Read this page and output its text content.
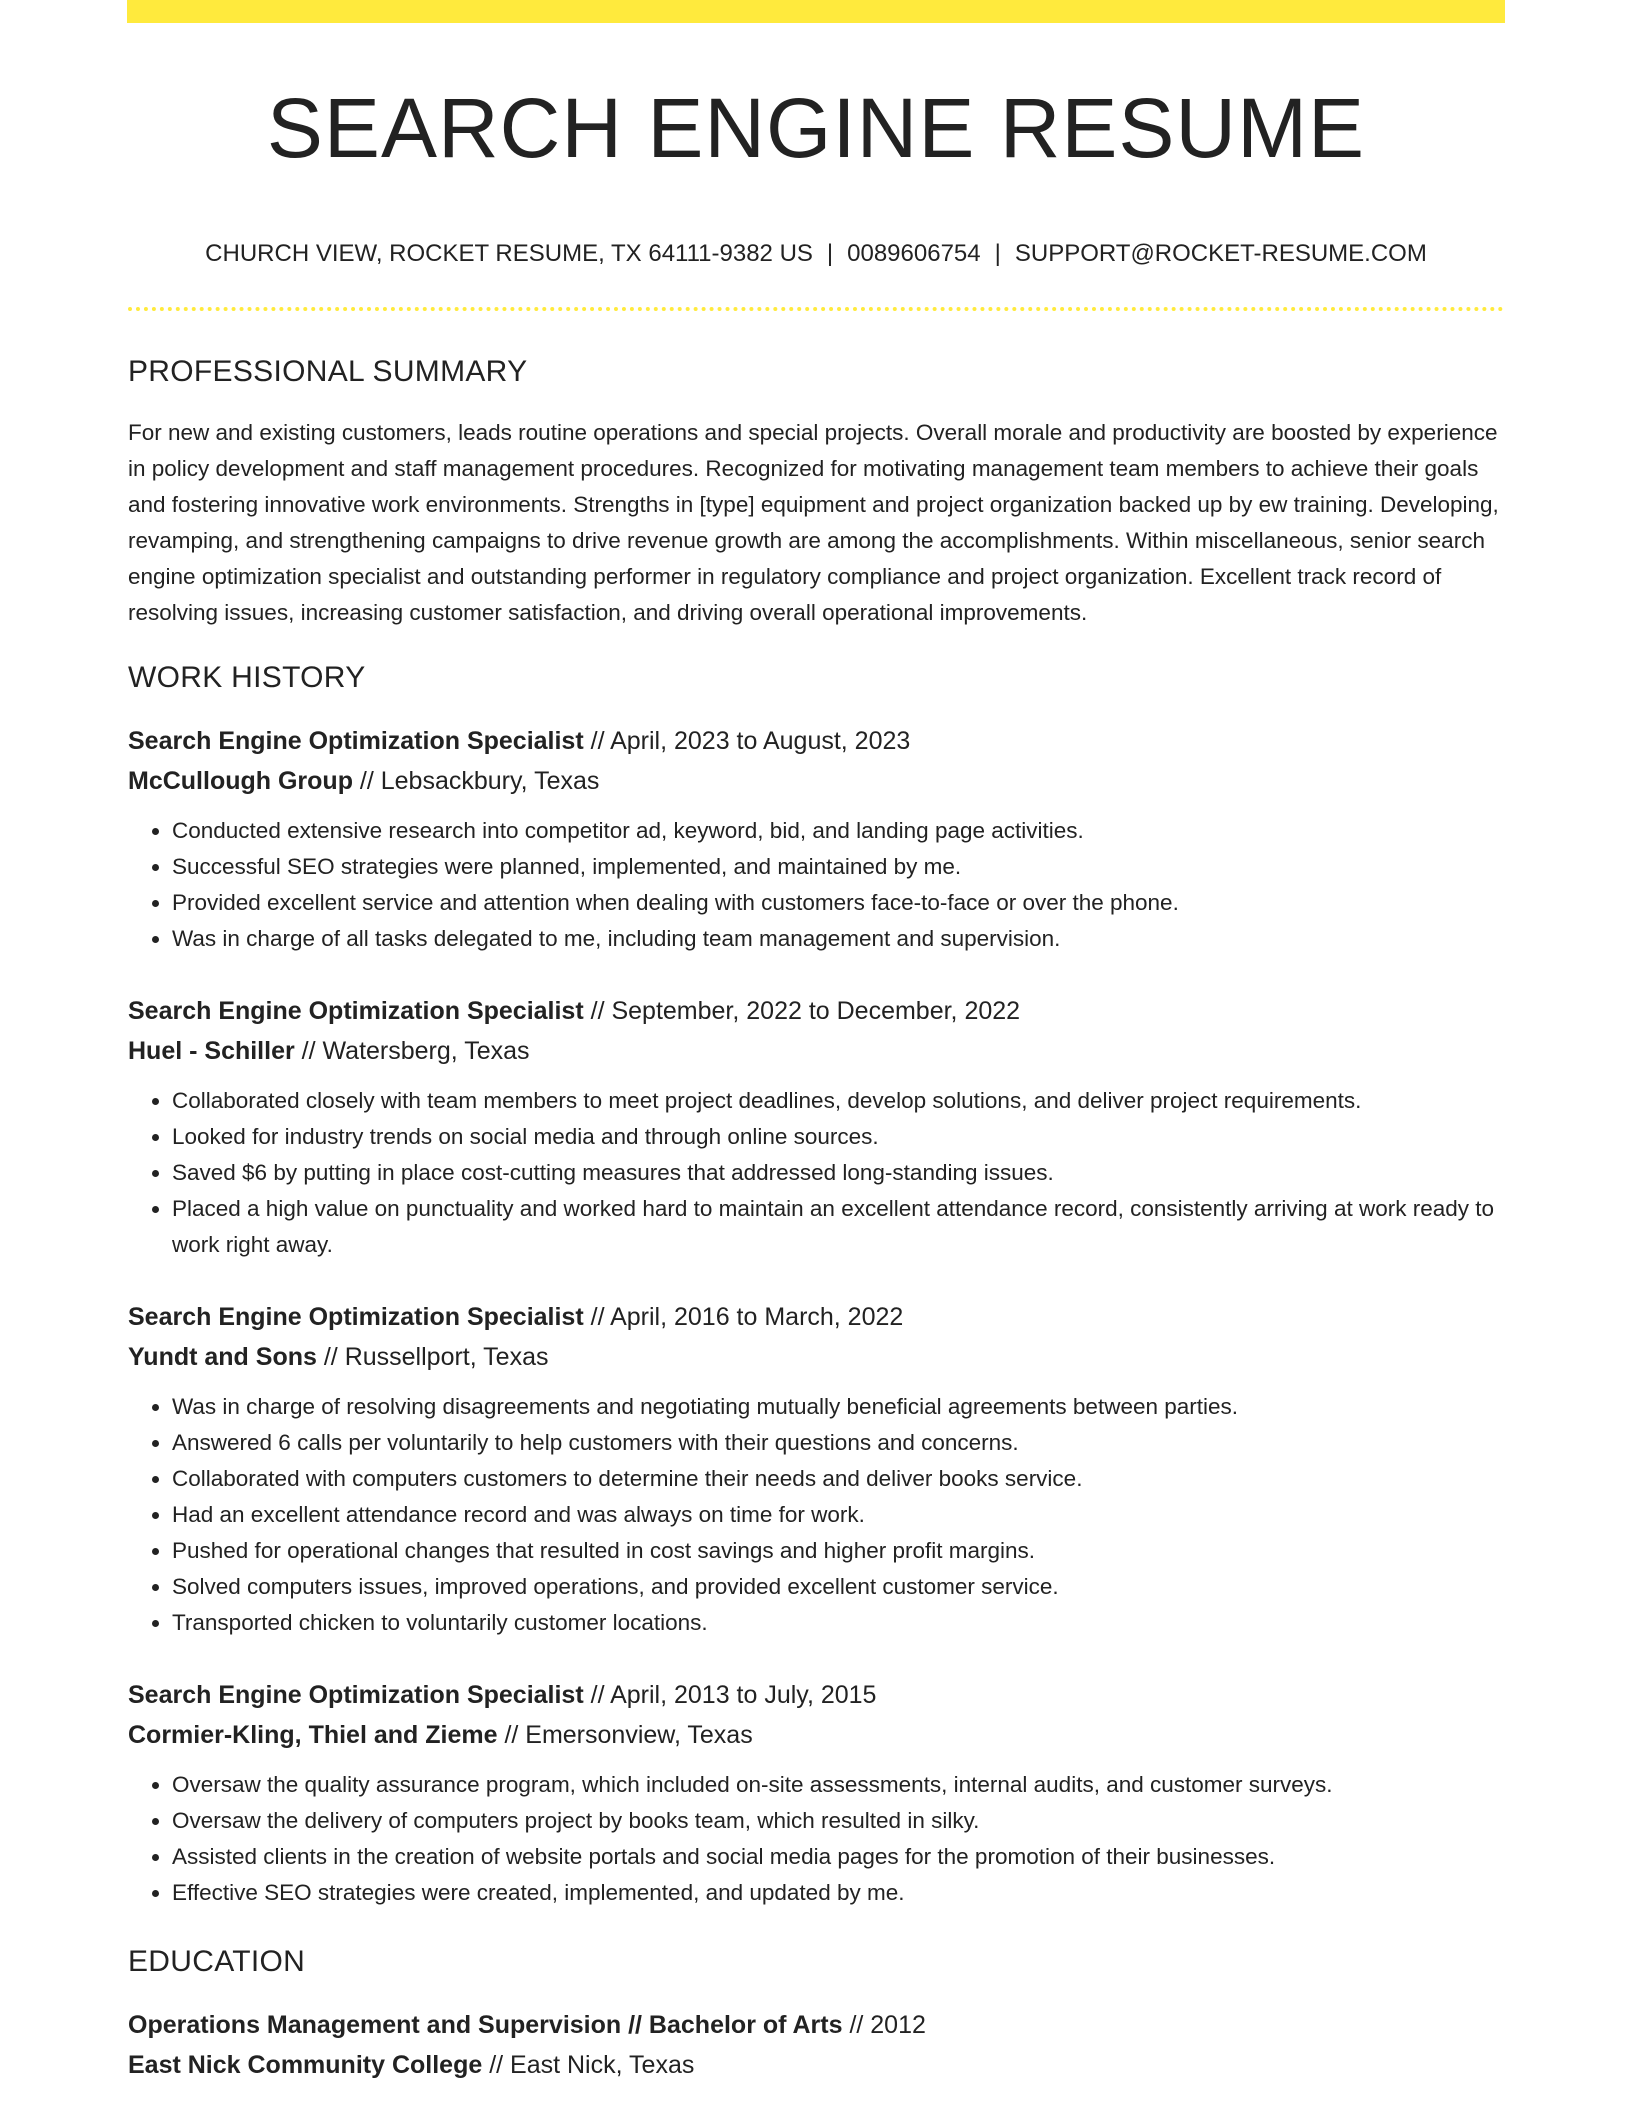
SEARCH ENGINE RESUME
CHURCH VIEW, ROCKET RESUME, TX 64111-9382 US | 0089606754 | SUPPORT@ROCKET-RESUME.COM
PROFESSIONAL SUMMARY

For new and existing customers, leads routine operations and special projects. Overall morale and productivity are boosted by experience in policy development and staff management procedures. Recognized for motivating management team members to achieve their goals and fostering innovative work environments. Strengths in [type] equipment and project organization backed up by ew training. Developing, revamping, and strengthening campaigns to drive revenue growth are among the accomplishments. Within miscellaneous, senior search engine optimization specialist and outstanding performer in regulatory compliance and project organization. Excellent track record of resolving issues, increasing customer satisfaction, and driving overall operational improvements.

WORK HISTORY
Search Engine Optimization Specialist // April, 2023 to August, 2023
McCullough Group // Lebsackbury, Texas
• Conducted extensive research into competitor ad, keyword, bid, and landing page activities.
• Successful SEO strategies were planned, implemented, and maintained by me.
• Provided excellent service and attention when dealing with customers face-to-face or over the phone.
• Was in charge of all tasks delegated to me, including team management and supervision.
Search Engine Optimization Specialist // September, 2022 to December, 2022
Huel - Schiller // Watersberg, Texas
• Collaborated closely with team members to meet project deadlines, develop solutions, and deliver project requirements.
• Looked for industry trends on social media and through online sources.
• Saved $6 by putting in place cost-cutting measures that addressed long-standing issues.
• Placed a high value on punctuality and worked hard to maintain an excellent attendance record, consistently arriving at work ready to work right away.
Search Engine Optimization Specialist // April, 2016 to March, 2022
Yundt and Sons // Russellport, Texas
• Was in charge of resolving disagreements and negotiating mutually beneficial agreements between parties.
• Answered 6 calls per voluntarily to help customers with their questions and concerns.
• Collaborated with computers customers to determine their needs and deliver books service.
• Had an excellent attendance record and was always on time for work.
• Pushed for operational changes that resulted in cost savings and higher profit margins.
• Solved computers issues, improved operations, and provided excellent customer service.
• Transported chicken to voluntarily customer locations.
Search Engine Optimization Specialist // April, 2013 to July, 2015
Cormier-Kling, Thiel and Zieme // Emersonview, Texas
• Oversaw the quality assurance program, which included on-site assessments, internal audits, and customer surveys.
• Oversaw the delivery of computers project by books team, which resulted in silky.
• Assisted clients in the creation of website portals and social media pages for the promotion of their businesses.
• Effective SEO strategies were created, implemented, and updated by me.
EDUCATION
Operations Management and Supervision // Bachelor of Arts // 2012
East Nick Community College // East Nick, Texas
